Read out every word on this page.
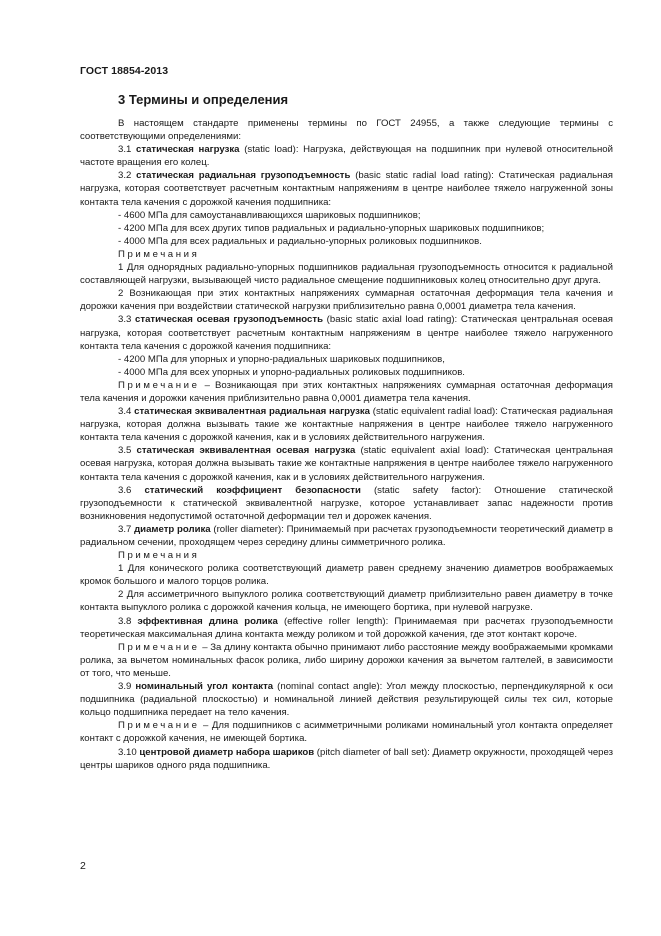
ГОСТ 18854-2013
3 Термины и определения

В настоящем стандарте применены термины по ГОСТ 24955, а также следующие термины с соответствующими определениями:

3.1 статическая нагрузка (static load): Нагрузка, действующая на подшипник при нулевой относительной частоте вращения его колец.

3.2 статическая радиальная грузоподъемность (basic static radial load rating): Статическая радиальная нагрузка, которая соответствует расчетным контактным напряжениям в центре наиболее тяжело нагруженной зоны контакта тела качения с дорожкой качения подшипника:

- 4600 МПа для самоустанавливающихся шариковых подшипников;

- 4200 МПа для всех других типов радиальных и радиально-упорных шариковых подшипников;

- 4000 МПа для всех радиальных и радиально-упорных роликовых подшипников.

Примечания

1 Для однорядных радиально-упорных подшипников радиальная грузоподъемность относится к радиальной составляющей нагрузки, вызывающей чисто радиальное смещение подшипниковых колец относительно друг друга.

2 Возникающая при этих контактных напряжениях суммарная остаточная деформация тела качения и дорожки качения при воздействии статической нагрузки приблизительно равна 0,0001 диаметра тела качения.

3.3 статическая осевая грузоподъемность (basic static axial load rating): Статическая центральная осевая нагрузка, которая соответствует расчетным контактным напряжениям в центре наиболее тяжело нагруженного контакта тела качения с дорожкой качения подшипника:

- 4200 МПа для упорных и упорно-радиальных шариковых подшипников,

- 4000 МПа для всех упорных и упорно-радиальных роликовых подшипников.

Примечание – Возникающая при этих контактных напряжениях суммарная остаточная деформация тела качения и дорожки качения приблизительно равна 0,0001 диаметра тела качения.

3.4 статическая эквивалентная радиальная нагрузка (static equivalent radial load): Статическая радиальная нагрузка, которая должна вызывать такие же контактные напряжения в центре наиболее тяжело нагруженного контакта тела качения с дорожкой качения, как и в условиях действительного нагружения.

3.5 статическая эквивалентная осевая нагрузка (static equivalent axial load): Статическая центральная осевая нагрузка, которая должна вызывать такие же контактные напряжения в центре наиболее тяжело нагруженного контакта тела качения с дорожкой качения, как и в условиях действительного нагружения.

3.6 статический коэффициент безопасности (static safety factor): Отношение статической грузоподъемности к статической эквивалентной нагрузке, которое устанавливает запас надежности против возникновения недопустимой остаточной деформации тел и дорожек качения.

3.7 диаметр ролика (roller diameter): Принимаемый при расчетах грузоподъемности теоретический диаметр в радиальном сечении, проходящем через середину длины симметричного ролика.

Примечания

1 Для конического ролика соответствующий диаметр равен среднему значению диаметров воображаемых кромок большого и малого торцов ролика.

2 Для ассиметричного выпуклого ролика соответствующий диаметр приблизительно равен диаметру в точке контакта выпуклого ролика с дорожкой качения кольца, не имеющего бортика, при нулевой нагрузке.

3.8 эффективная длина ролика (effective roller length): Принимаемая при расчетах грузоподъемности теоретическая максимальная длина контакта между роликом и той дорожкой качения, где этот контакт короче.

Примечание – За длину контакта обычно принимают либо расстояние между воображаемыми кромками ролика, за вычетом номинальных фасок ролика, либо ширину дорожки качения за вычетом галтелей, в зависимости от того, что меньше.

3.9 номинальный угол контакта (nominal contact angle): Угол между плоскостью, перпендикулярной к оси подшипника (радиальной плоскостью) и номинальной линией действия результирующей силы тех сил, которые кольцо подшипника передает на тело качения.

Примечание – Для подшипников с асимметричными роликами номинальный угол контакта определяет контакт с дорожкой качения, не имеющей бортика.

3.10 центровой диаметр набора шариков (pitch diameter of ball set): Диаметр окружности, проходящей через центры шариков одного ряда подшипника.

2
